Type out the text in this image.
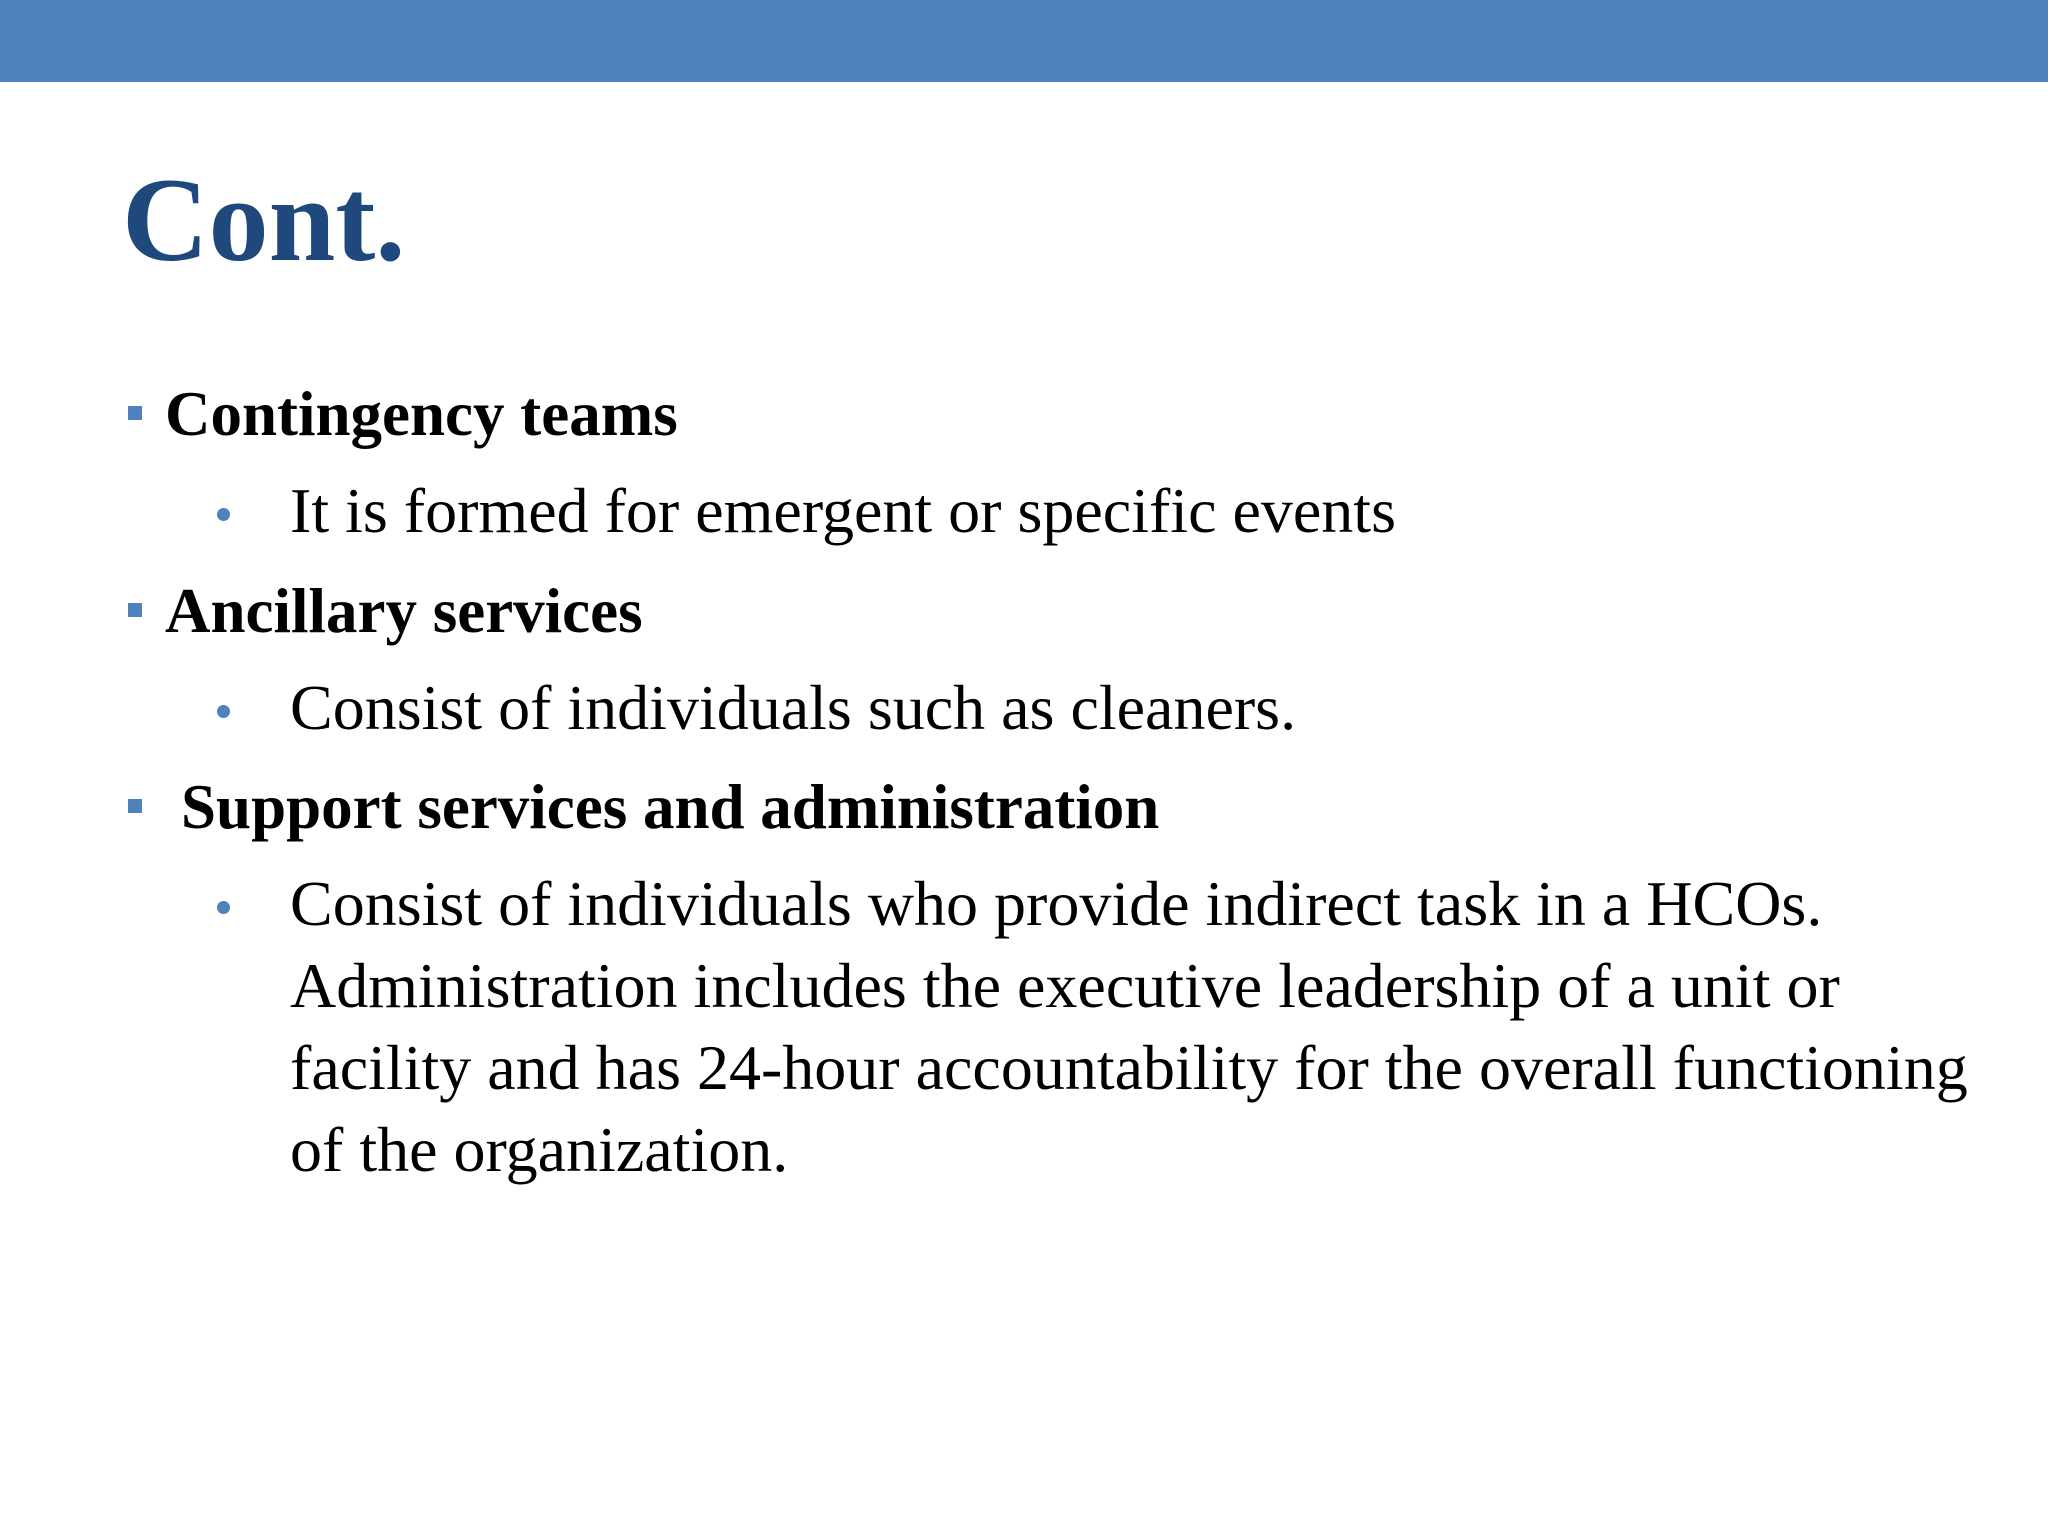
Cont.
Contingency teams
It is formed for emergent or specific events
Ancillary services
Consist of individuals such as cleaners.
Support services and administration
Consist of individuals who provide indirect task in a HCOs. Administration includes the executive leadership of a unit or facility and has 24-hour accountability for the overall functioning of the organization.
